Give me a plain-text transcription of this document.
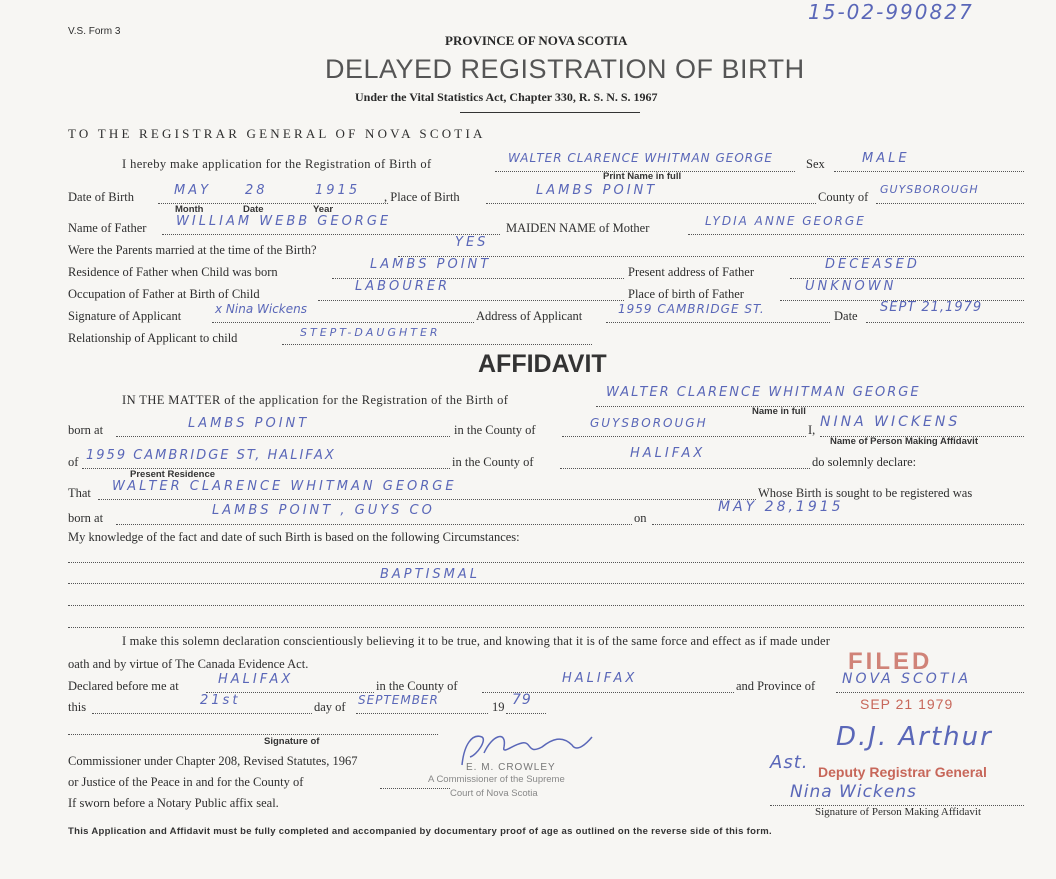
V.S. Form 3
15-02-990827
PROVINCE OF NOVA SCOTIA
DELAYED REGISTRATION OF BIRTH
Under the Vital Statistics Act, Chapter 330, R. S. N. S. 1967
TO THE REGISTRAR GENERAL OF NOVA SCOTIA
I hereby make application for the Registration of Birth of	WALTER CLARENCE WHITMAN GEORGE
Print Name in full
Sex	MALE
Date of Birth	MAY	28	1915
Month	Date	Year
, Place of Birth	LAMBS POINT	County of
GUYSBOROUGH
Name of Father WILLIAM WEBB GEORGE	MAIDEN NAME of Mother	LYDIA ANNE GEORGE
Were the Parents married at the time of the Birth?	YES
Residence of Father when Child was born	LAMBS POINT	Present address of Father	DECEASED
Occupation of Father at Birth of Child	LABOURER	Place of birth of Father	UNKNOWN
Signature of Applicant	x Nina Wickens	Address of Applicant	1959 CAMBRIDGE ST.	Date
SEPT 21,1979
Relationship of Applicant to child	STEPT-DAUGHTER
AFFIDAVIT
IN THE MATTER of the application for the Registration of the Birth of	WALTER CLARENCE WHITMAN GEORGE
Name in full
born at	LAMBS POINT	in the County of	GUYSBOROUGH	I, NINA WICKENS
Name of Person Making Affidavit
of 1959 CAMBRIDGE ST, HALIFAX
Present Residence
in the County of
HALIFAX
do solemnly declare:
That WALTER CLARENCE WHITMAN GEORGE	Whose Birth is sought to be registered was
born at	LAMBS POINT , GUYS CO	on
MAY 28,1915
My knowledge of the fact and date of such Birth is based on the following Circumstances:
BAPTISMAL
I make this solemn declaration conscientiously believing it to be true, and knowing that it is of the same force and effect as if made under
oath and by virtue of The Canada Evidence Act.
Declared before me at	HALIFAX	in the County of	HALIFAX	and Province of NOVA SCOTIA
FILED
SEP 21 1979
this	21st	day of SEPTEMBER	19 79
Signature of
Commissioner under Chapter 208, Revised Statutes, 1967
or Justice of the Peace in and for the County of
If sworn before a Notary Public affix seal.
E. M. CROWLEY
A Commissioner of the Supreme
Court of Nova Scotia
Ast.
D.J. Arthur
Deputy Registrar General
Nina Wickens
Signature of Person Making Affidavit
This Application and Affidavit must be fully completed and accompanied by documentary proof of age as outlined on the reverse side of this form.
